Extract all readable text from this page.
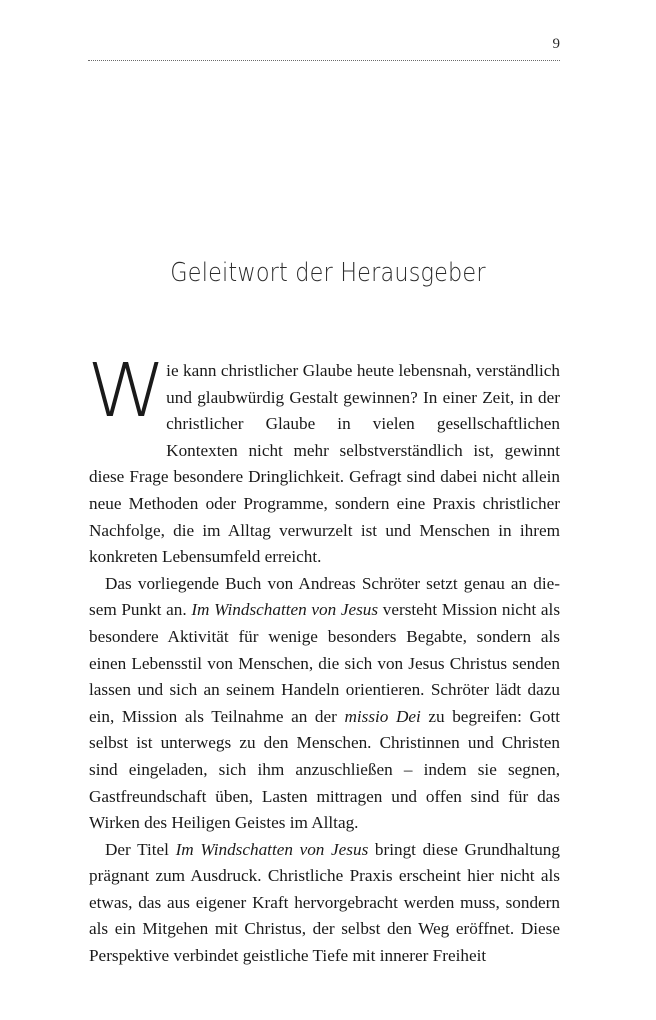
9
Geleitwort der Herausgeber

Wie kann christlicher Glaube heute lebensnah, verständlich und glaubwürdig Gestalt gewinnen? In einer Zeit, in der christlicher Glaube in vielen gesellschaftlichen Kontexten nicht mehr selbstverständlich ist, gewinnt diese Frage besondere Dringlichkeit. Gefragt sind dabei nicht allein neue Methoden oder Programme, sondern eine Praxis christlicher Nachfolge, die im Alltag verwurzelt ist und Menschen in ihrem konkreten Lebensumfeld erreicht.

Das vorliegende Buch von Andreas Schröter setzt genau an diesem Punkt an. Im Windschatten von Jesus versteht Mission nicht als besondere Aktivität für wenige besonders Begabte, sondern als einen Lebensstil von Menschen, die sich von Jesus Christus senden lassen und sich an seinem Handeln orientieren. Schröter lädt dazu ein, Mission als Teilnahme an der missio Dei zu begreifen: Gott selbst ist unterwegs zu den Menschen. Christinnen und Christen sind eingeladen, sich ihm anzuschließen – indem sie segnen, Gastfreundschaft üben, Lasten mittragen und offen sind für das Wirken des Heiligen Geistes im Alltag.

Der Titel Im Windschatten von Jesus bringt diese Grundhaltung prägnant zum Ausdruck. Christliche Praxis erscheint hier nicht als etwas, das aus eigener Kraft hervorgebracht werden muss, sondern als ein Mitgehen mit Christus, der selbst den Weg eröffnet. Diese Perspektive verbindet geistliche Tiefe mit innerer Freiheit
